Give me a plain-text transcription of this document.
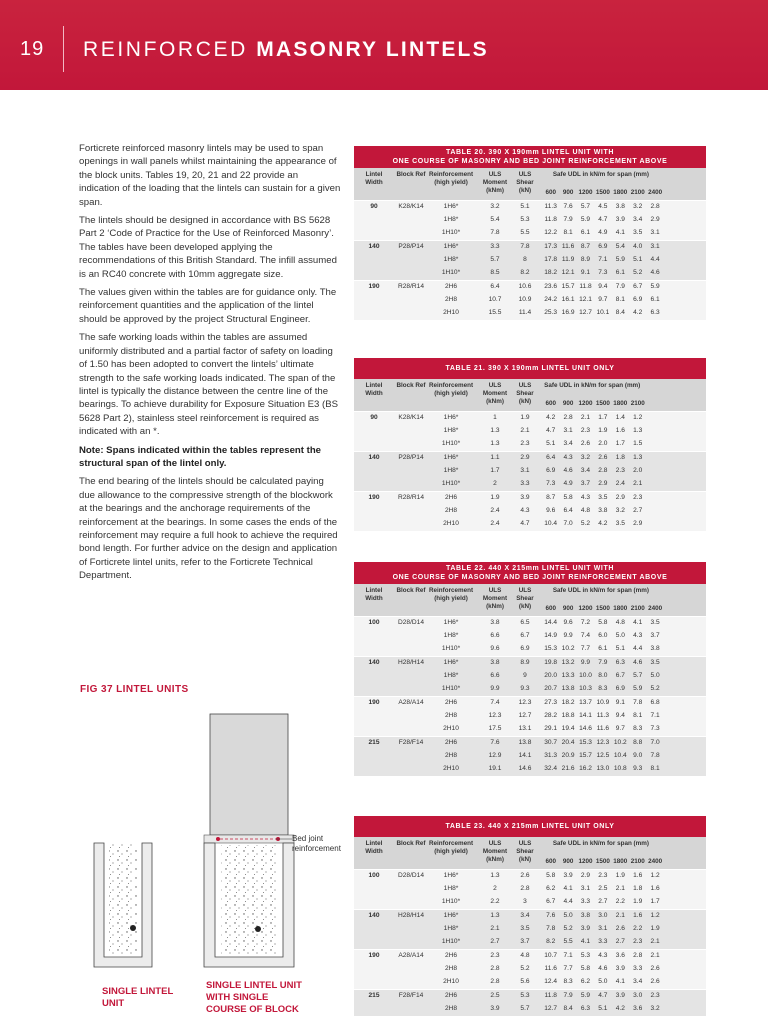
19 REINFORCED MASONRY LINTELS

Forticrete reinforced masonry lintels may be used to span openings in wall panels whilst maintaining the appearance of the block units. Tables 19, 20, 21 and 22 provide an indication of the loading that the lintels can sustain for a given span.

The lintels should be designed in accordance with BS 5628 Part 2 ‘Code of Practice for the Use of Reinforced Masonry’. The tables have been developed applying the recommendations of this British Standard. The infill assumed is an RC40 concrete with 10mm aggregate size.

The values given within the tables are for guidance only. The reinforcement quantities and the application of the lintel should be approved by the project Structural Engineer.

The safe working loads within the tables are assumed uniformly distributed and a partial factor of safety on loading of 1.50 has been adopted to convert the lintels’ ultimate strength to the safe working loads indicated. The span of the lintel is typically the distance between the centre line of the bearings. To achieve durability for Exposure Situation E3 (BS 5628 Part 2), stainless steel reinforcement is required as indicated with an *.

Note: Spans indicated within the tables represent the structural span of the lintel only.

The end bearing of the lintels should be calculated paying due allowance to the compressive strength of the blockwork at the bearings and the anchorage requirements of the reinforcement at the bearings. In some cases the ends of the reinforcement may require a full hook to achieve the required bond length. For further advice on the design and application of Forticrete lintel units, refer to the Forticrete Technical Department.

FIG 37 LINTEL UNITS
Bed joint reinforcement
SINGLE LINTEL UNIT
SINGLE LINTEL UNIT WITH SINGLE COURSE OF BLOCK
TABLE 20. 390 X 190mm LINTEL UNIT WITH
ONE COURSE OF MASONRY AND BED JOINT REINFORCEMENT ABOVE
Lintel Width
Block Ref Reinforcement (high yield)
ULS Moment (kNm)
ULS Shear (kN)
Safe UDL in kN/m for span (mm)
600	900 1200 1500 1800 2100 2400
90	K28/K14	1H6*	3.2	5.1	11.3	7.6	5.7	4.5	3.8	3.2	2.8
1H8*	5.4	5.3	11.8	7.9	5.9	4.7	3.9	3.4	2.9
1H10*	7.8	5.5	12.2 8.1	6.1	4.9	4.1	3.5	3.1
140	P28/P14	1H6*	3.3	7.8	17.3 11.6	8.7	6.9	5.4	4.0	3.1
1H8*	5.7	8	17.8 11.9	8.9	7.1	5.9	5.1	4.4
1H10*	8.5	8.2	18.2 12.1 9.1	7.3	6.1	5.2	4.6
190	R28/R14	2H6	6.4	10.6	23.6 15.7 11.8	9.4	7.9	6.7	5.9
2H8	10.7	10.9	24.2 16.1 12.1 9.7	8.1	6.9	6.1
2H10	15.5	11.4	25.3 16.9 12.7 10.1 8.4	4.2	6.3
TABLE 21. 390 X 190mm LINTEL UNIT ONLY
Lintel Width
Block Ref Reinforcement (high yield)
ULS Moment (kNm)
ULS Shear (kN)
Safe UDL in kN/m for span (mm)
600	900 1200 1500 1800 2100
90	K28/K14	1H6*	1	1.9	4.2	2.8	2.1	1.7	1.4	1.2
1H8*	1.3	2.1	4.7	3.1	2.3	1.9	1.6	1.3
1H10*	1.3	2.3	5.1	3.4	2.6	2.0	1.7	1.5
140	P28/P14	1H6*	1.1	2.9	6.4	4.3	3.2	2.6	1.8	1.3
1H8*	1.7	3.1	6.9	4.6	3.4	2.8	2.3	2.0
1H10*	2	3.3	7.3	4.9	3.7	2.9	2.4	2.1
190	R28/R14	2H6	1.9	3.9	8.7	5.8	4.3	3.5	2.9	2.3
2H8	2.4	4.3	9.6	6.4	4.8	3.8	3.2	2.7
2H10	2.4	4.7	10.4 7.0	5.2	4.2	3.5	2.9
TABLE 22. 440 X 215mm LINTEL UNIT WITH
ONE COURSE OF MASONRY AND BED JOINT REINFORCEMENT ABOVE
Lintel Width
Block Ref Reinforcement (high yield)
ULS Moment (kNm)
ULS Shear (kN)
Safe UDL in kN/m for span (mm)
600	900 1200 1500 1800 2100 2400
100	D28/D14	1H6*	3.8	6.5	14.4 9.6	7.2	5.8	4.8	4.1	3.5
1H8*	6.6	6.7	14.9 9.9	7.4	6.0	5.0	4.3	3.7
1H10*	9.6	6.9	15.3 10.2 7.7	6.1	5.1	4.4	3.8
140	H28/H14	1H6*	3.8	8.9	19.8 13.2 9.9	7.9	6.3	4.6	3.5
1H8*	6.6	9	20.0 13.3 10.0 8.0	6.7	5.7	5.0
1H10*	9.9	9.3	20.7 13.8 10.3 8.3	6.9	5.9	5.2
190	A28/A14	2H6	7.4	12.3	27.3 18.2 13.7 10.9 9.1	7.8	6.8
2H8	12.3	12.7	28.2 18.8 14.1 11.3	9.4	8.1	7.1
2H10	17.5	13.1	29.1 19.4 14.6 11.6	9.7	8.3	7.3
215	F28/F14	2H6	7.6	13.8	30.7 20.4 15.3 12.3 10.2 8.8	7.0
2H8	12.9	14.1	31.3 20.9 15.7 12.5 10.4 9.0	7.8
2H10	19.1	14.6	32.4 21.6 16.2 13.0 10.8 9.3	8.1
TABLE 23. 440 X 215mm LINTEL UNIT ONLY
Lintel Width
Block Ref Reinforcement (high yield)
ULS Moment (kNm)
ULS Shear (kN)
Safe UDL in kN/m for span (mm)
600	900 1200 1500 1800 2100 2400
100	D28/D14	1H6*	1.3	2.6	5.8	3.9	2.9	2.3	1.9	1.6	1.2
1H8*	2	2.8	6.2	4.1	3.1	2.5	2.1	1.8	1.6
1H10*	2.2	3	6.7	4.4	3.3	2.7	2.2	1.9	1.7
140	H28/H14	1H6*	1.3	3.4	7.6	5.0	3.8	3.0	2.1	1.6	1.2
1H8*	2.1	3.5	7.8	5.2	3.9	3.1	2.6	2.2	1.9
1H10*	2.7	3.7	8.2	5.5	4.1	3.3	2.7	2.3	2.1
190	A28/A14	2H6	2.3	4.8	10.7 7.1	5.3	4.3	3.6	2.8	2.1
2H8	2.8	5.2	11.6	7.7	5.8	4.6	3.9	3.3	2.6
2H10	2.8	5.6	12.4 8.3	6.2	5.0	4.1	3.4	2.6
215	F28/F14	2H6	2.5	5.3	11.8	7.9	5.9	4.7	3.9	3.0	2.3
2H8	3.9	5.7	12.7 8.4	6.3	5.1	4.2	3.6	3.2
